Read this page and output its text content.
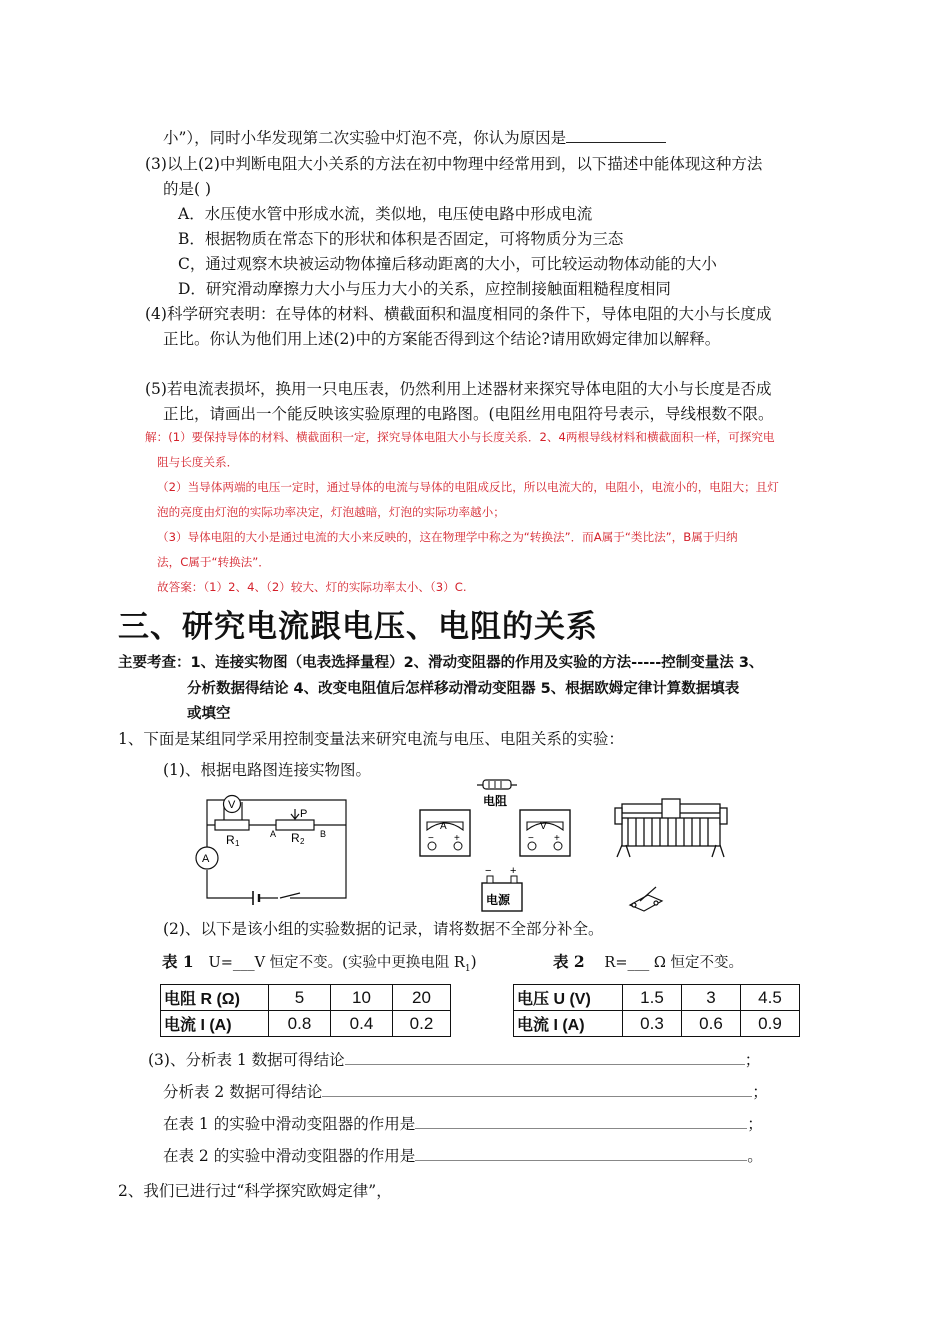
小”），同时小华发现第二次实验中灯泡不亮，你认为原因是
(3)以上(2)中判断电阻大小关系的方法在初中物理中经常用到，以下描述中能体现这种方法
的是( )
A．水压使水管中形成水流，类似地，电压使电路中形成电流
B．根据物质在常态下的形状和体积是否固定，可将物质分为三态
C，通过观察木块被运动物体撞后移动距离的大小，可比较运动物体动能的大小
D．研究滑动摩擦力大小与压力大小的关系，应控制接触面粗糙程度相同
(4)科学研究表明：在导体的材料、横截面积和温度相同的条件下，导体电阻的大小与长度成
正比。你认为他们用上述(2)中的方案能否得到这个结论?请用欧姆定律加以解释。
(5)若电流表损坏，换用一只电压表，仍然利用上述器材来探究导体电阻的大小与长度是否成
正比，请画出一个能反映该实验原理的电路图。(电阻丝用电阻符号表示，导线根数不限。
解：(1）要保持导体的材料、横截面积一定，探究导体电阻大小与长度关系．2、4两根导线材料和横截面积一样，可探究电
阻与长度关系．
（2）当导体两端的电压一定时，通过导体的电流与导体的电阻成反比，所以电流大的，电阻小，电流小的，电阻大；且灯
泡的亮度由灯泡的实际功率决定，灯泡越暗，灯泡的实际功率越小；
（3）导体电阻的大小是通过电流的大小来反映的，这在物理学中称之为“转换法”．而A属于“类比法”，B属于归纳
法，C属于“转换法”．
故答案：（1）2、4、（2）较大、灯的实际功率太小、（3）C.
三、研究电流跟电压、电阻的关系
主要考查：1、连接实物图（电表选择量程）2、滑动变阻器的作用及实验的方法-----控制变量法 3、
分析数据得结论 4、改变电阻值后怎样移动滑动变阻器 5、根据欧姆定律计算数据填表
或填空
1、下面是某组同学采用控制变量法来研究电流与电压、电阻关系的实验：
(1)、根据电路图连接实物图。
V
A
R 1
P
A	B
R 2
电阻
A
− +
V
− +
− +
电源
(2)、以下是该小组的实验数据的记录，请将数据不全部分补全。
表 1 U=___V 恒定不变。(实验中更换电阻 $R_1$)	表 2 R=___ Ω 恒定不变。
电阻 R (Ω)	5	10	20
电流 I (A)	0.8	0.4	0.2
电压 U (V)	1.5	3	4.5
电流 I (A)	0.3	0.6	0.9
(3)、分析表 1 数据可得结论	；
分析表 2 数据可得结论	；
在表 1 的实验中滑动变阻器的作用是	；
在表 2 的实验中滑动变阻器的作用是	。
2、我们已进行过“科学探究欧姆定律”，
